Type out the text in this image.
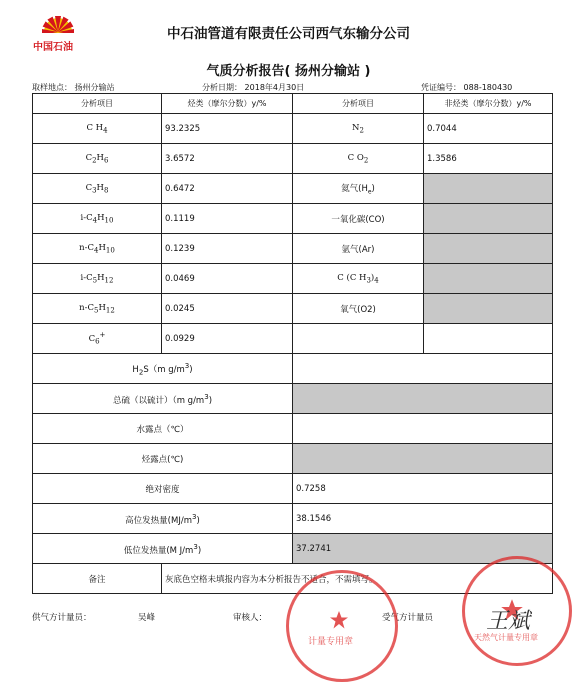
中国石油
中石油管道有限责任公司西气东输分公司
气质分析报告( 扬州分输站 )
取样地点： 扬州分输站	分析日期： 2018年4月30日	凭证编号： 088-180430
分析项目	烃类（摩尔分数）y/%	分析项目	非烃类（摩尔分数）y/%
C $H_4$	93.2325	$N_2$	0.7044
$C_2H_6$	3.6572	C $O_2$	1.3586
$C_3H_8$	0.6472	氦气$(H_e)$	
$i-C_4H_{10}$	0.1119	一氧化碳(CO)	
$n-C_4H_{10}$	0.1239	氩气(Ar)	
$i-C_5H_{12}$	0.0469	C (C $H_3)_4$	
$n-C_5H_{12}$	0.0245	氧气(O2)	
$C_6^+$	0.0929		
$H_2S(m$ $g/m^3$)			
总硫（以硫计）（m $g/m^3$)			
水露点（℃）			
烃露点(℃)			
绝对密度		0.7258	
高位发热量$(MJ/m^3)$		38.1546	
低位发热量(M $J/m^3$)		37.2741	
备注	灰底色空格未填报内容为本分析报告不适合，不需填写。		
供气方计量员：	吴峰	审核人：	受气方计量员
计量专用章	天然气计量专用章
王斌
